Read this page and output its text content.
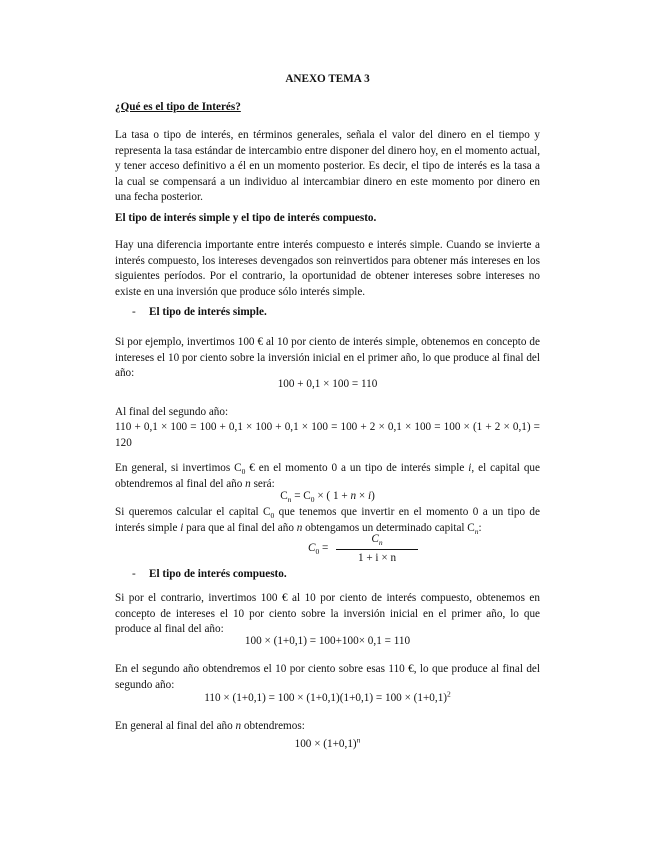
ANEXO TEMA 3
¿Qué es el tipo de Interés?
La tasa o tipo de interés, en términos generales, señala el valor del dinero en el tiempo y representa la tasa estándar de intercambio entre disponer del dinero hoy, en el momento actual, y tener acceso definitivo a él en un momento posterior. Es decir, el tipo de interés es la tasa a la cual se compensará a un individuo al intercambiar dinero en este momento por dinero en una fecha posterior.
El tipo de interés simple y el tipo de interés compuesto.
Hay una diferencia importante entre interés compuesto e interés simple. Cuando se invierte a interés compuesto, los intereses devengados son reinvertidos para obtener más intereses en los siguientes períodos. Por el contrario, la oportunidad de obtener intereses sobre intereses no existe en una inversión que produce sólo interés simple.
- El tipo de interés simple.
Si por ejemplo, invertimos 100 € al 10 por ciento de interés simple, obtenemos en concepto de intereses el 10 por ciento sobre la inversión inicial en el primer año, lo que produce al final del año:
100 + 0,1 × 100 = 110
Al final del segundo año:
110 + 0,1 × 100 = 100 + 0,1 × 100 + 0,1 × 100 = 100 + 2 × 0,1 × 100 = 100 × (1 + 2 × 0,1) = 120
En general, si invertimos $C_0$ € en el momento 0 a un tipo de interés simple i, el capital que obtendremos al final del año n será:
$C_n = C_0$ × ( 1 + n × i)
Si queremos calcular el capital $C_0$ que tenemos que invertir en el momento 0 a un tipo de interés simple i para que al final del año n obtengamos un determinado capital $C_n$:
$C_0$ =
$C_n$
1 + i × n
- El tipo de interés compuesto.
Si por el contrario, invertimos 100 € al 10 por ciento de interés compuesto, obtenemos en concepto de intereses el 10 por ciento sobre la inversión inicial en el primer año, lo que produce al final del año:
100 × (1+0,1) = 100+100× 0,1 = 110
En el segundo año obtendremos el 10 por ciento sobre esas 110 €, lo que produce al final del segundo año:
$110 \times (1+0,1) = 100 \times (1+0,1)(1+0,1) = 100 \times (1+0,1)^2$
En general al final del año n obtendremos:
$100 \times (1+0,1)^n$
